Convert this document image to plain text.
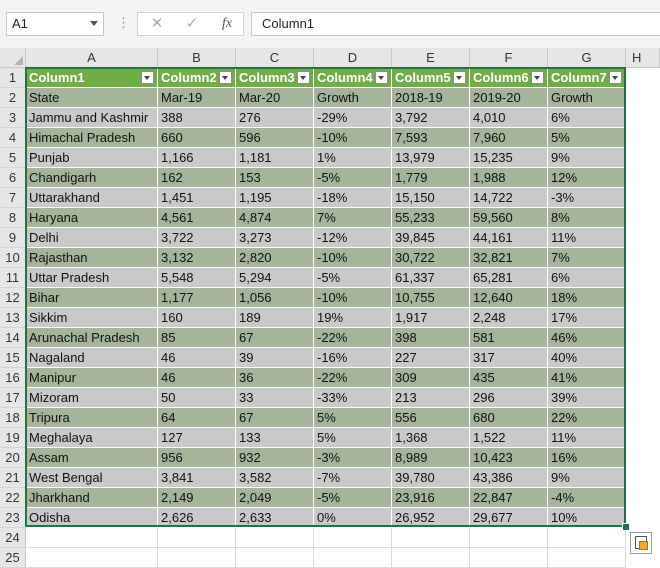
A1	⋮	✕	✓	fx	Column1
A	B	C	D	E	F	G	H
1
2
3
4
5
6
7
8
9
10
11
12
13
14
15
16
17
18
19
20
21
22
23
24
25
Column1	Column2	Column3	Column4	Column5	Column6	Column7
State	Mar-19	Mar-20	Growth	2018-19	2019-20	Growth
Jammu and Kashmir 388	276	-29%	3,792	4,010	6%
Himachal Pradesh	660	596	-10%	7,593	7,960	5%
Punjab	1,166	1,181	1%	13,979	15,235	9%
Chandigarh	162	153	-5%	1,779	1,988	12%
Uttarakhand	1,451	1,195	-18%	15,150	14,722	-3%
Haryana	4,561	4,874	7%	55,233	59,560	8%
Delhi	3,722	3,273	-12%	39,845	44,161	11%
Rajasthan	3,132	2,820	-10%	30,722	32,821	7%
Uttar Pradesh	5,548	5,294	-5%	61,337	65,281	6%
Bihar	1,177	1,056	-10%	10,755	12,640	18%
Sikkim	160	189	19%	1,917	2,248	17%
Arunachal Pradesh	85	67	-22%	398	581	46%
Nagaland	46	39	-16%	227	317	40%
Manipur	46	36	-22%	309	435	41%
Mizoram	50	33	-33%	213	296	39%
Tripura	64	67	5%	556	680	22%
Meghalaya	127	133	5%	1,368	1,522	11%
Assam	956	932	-3%	8,989	10,423	16%
West Bengal	3,841	3,582	-7%	39,780	43,386	9%
Jharkhand	2,149	2,049	-5%	23,916	22,847	-4%
Odisha	2,626	2,633	0%	26,952	29,677	10%
